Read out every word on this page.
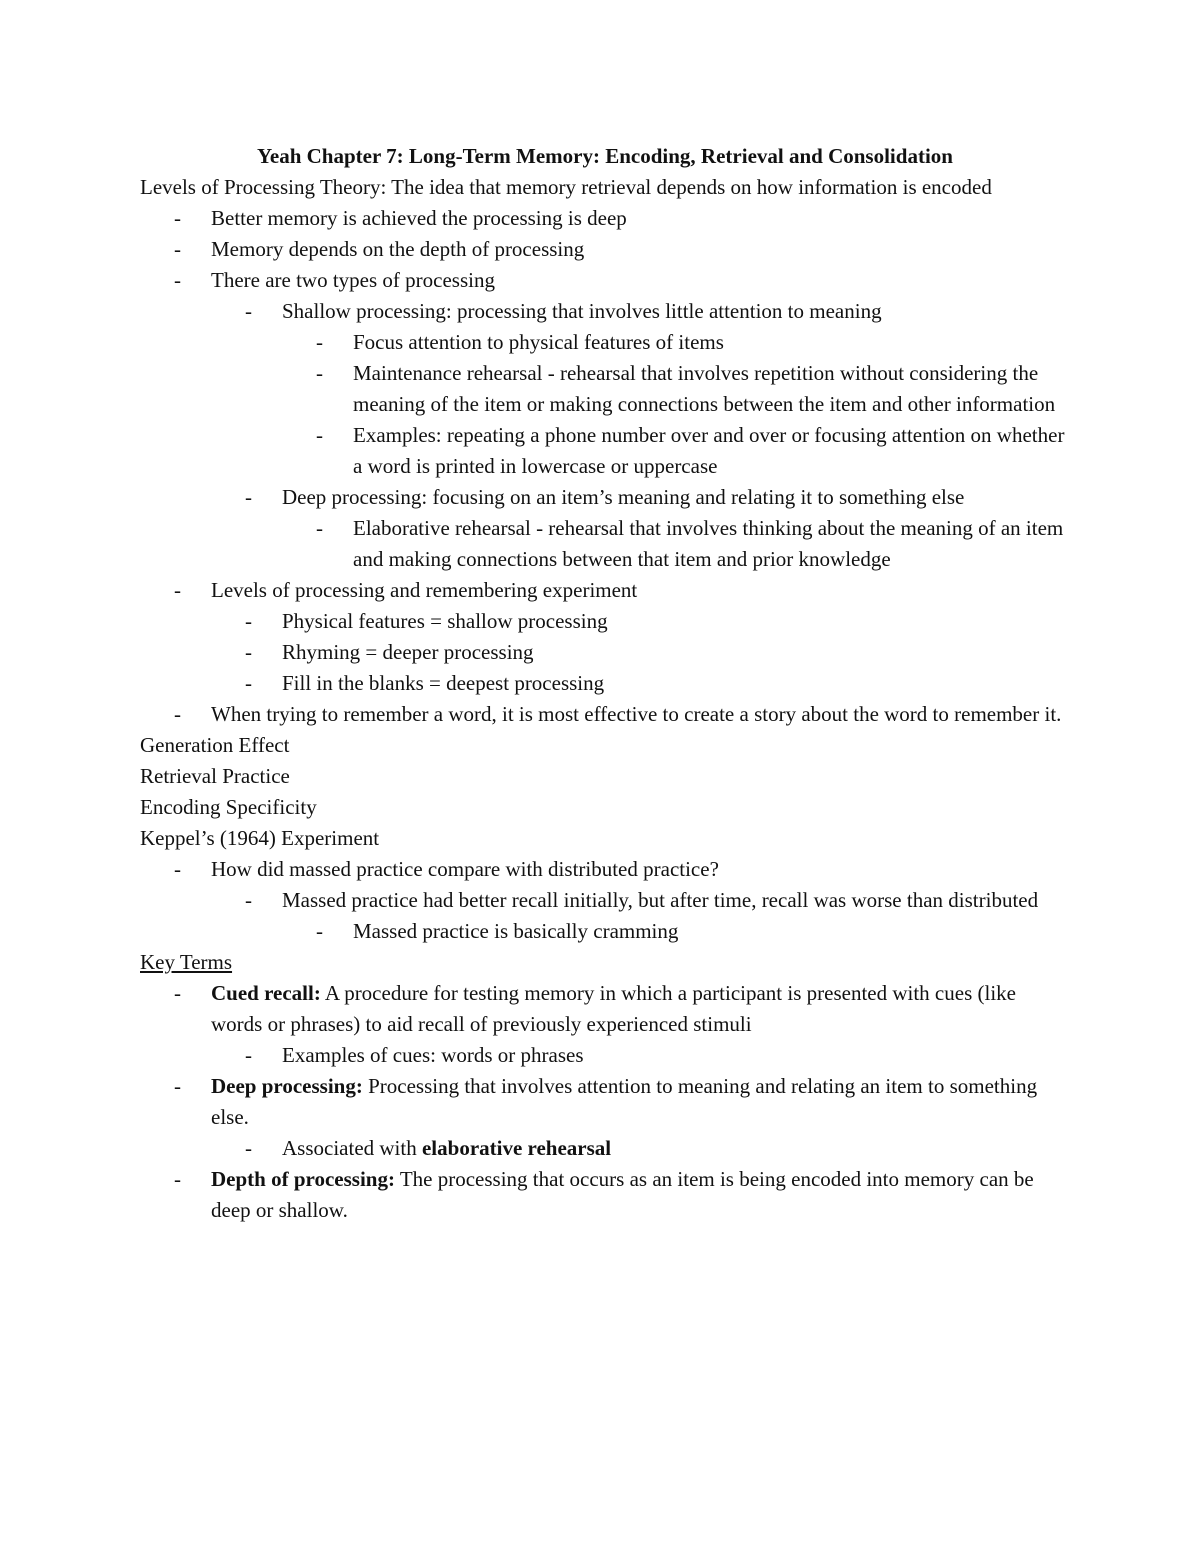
Yeah Chapter 7: Long-Term Memory: Encoding, Retrieval and Consolidation

Levels of Processing Theory: The idea that memory retrieval depends on how information is encoded

- Better memory is achieved the processing is deep
- Memory depends on the depth of processing
- There are two types of processing
- Shallow processing: processing that involves little attention to meaning
- Focus attention to physical features of items
- Maintenance rehearsal - rehearsal that involves repetition without considering the meaning of the item or making connections between the item and other information
- Examples: repeating a phone number over and over or focusing attention on whether a word is printed in lowercase or uppercase
- Deep processing: focusing on an item’s meaning and relating it to something else
- Elaborative rehearsal - rehearsal that involves thinking about the meaning of an item and making connections between that item and prior knowledge
- Levels of processing and remembering experiment
- Physical features = shallow processing
- Rhyming = deeper processing
- Fill in the blanks = deepest processing
- When trying to remember a word, it is most effective to create a story about the word to remember it.

Generation Effect

Retrieval Practice

Encoding Specificity

Keppel’s (1964) Experiment

- How did massed practice compare with distributed practice?
- Massed practice had better recall initially, but after time, recall was worse than distributed
- Massed practice is basically cramming

Key Terms

- Cued recall: A procedure for testing memory in which a participant is presented with cues (like words or phrases) to aid recall of previously experienced stimuli
- Examples of cues: words or phrases
- Deep processing: Processing that involves attention to meaning and relating an item to something else.
- Associated with elaborative rehearsal
- Depth of processing: The processing that occurs as an item is being encoded into memory can be deep or shallow.
